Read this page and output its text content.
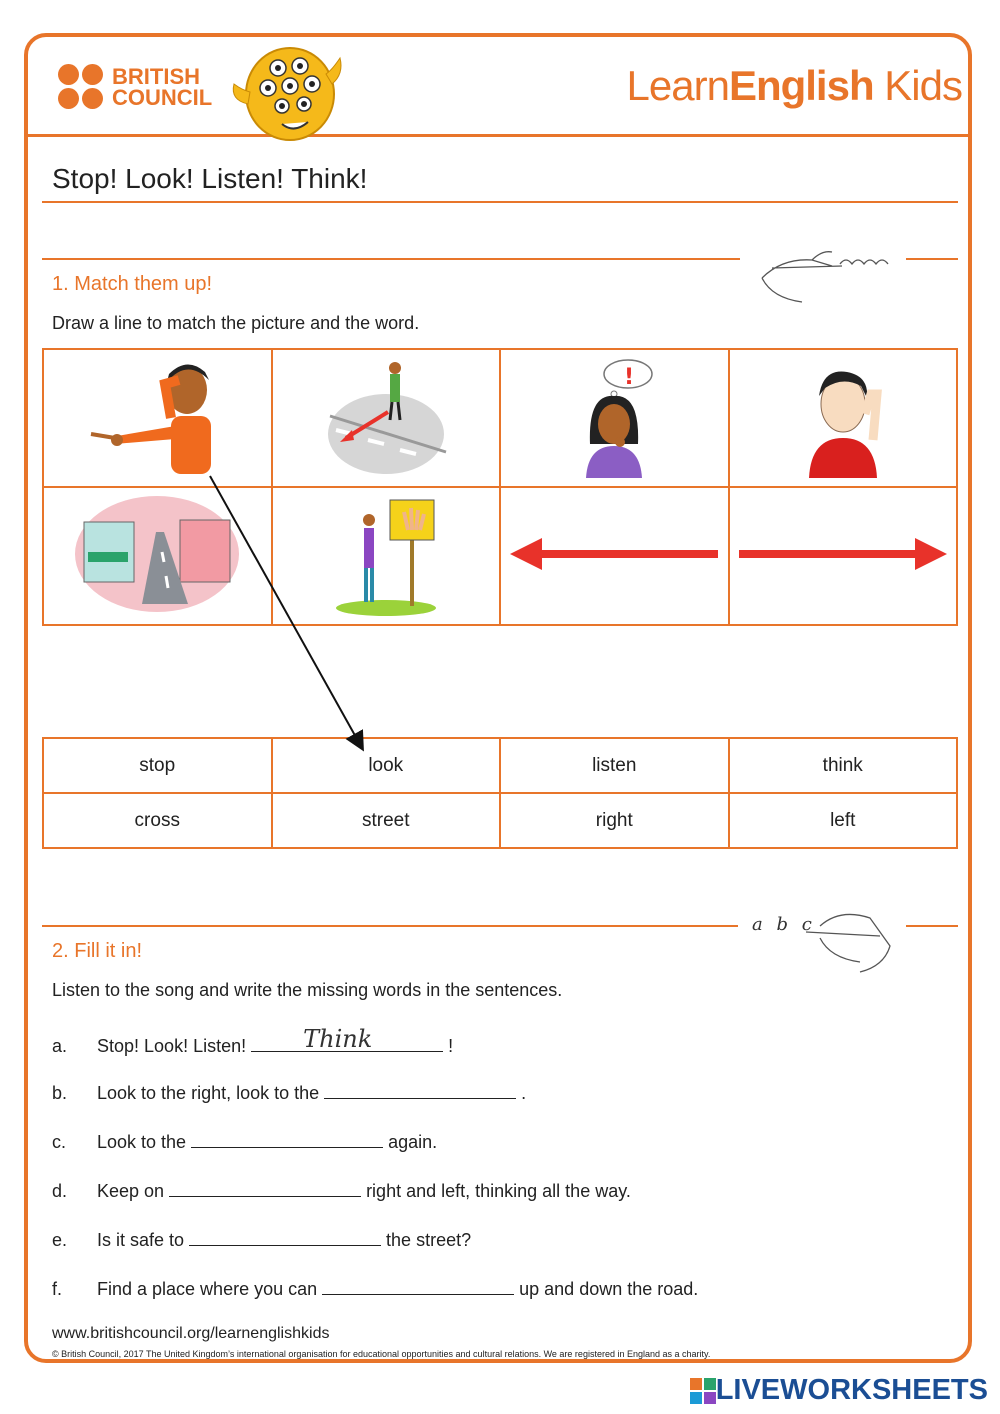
BRITISH
COUNCIL	LearnEnglish Kids
Stop! Look! Listen! Think!
1. Match them up!
Draw a line to match the picture and the word.

!

stop	look	listen	think
cross	street	right	left
a b c
2. Fill it in!
Listen to the song and write the missing words in the sentences.
a.	Stop! Look! Listen! Think	!
b.	Look to the right, look to the	.
c.	Look to the	again.
d.	Keep on	right and left, thinking all the way.
e.	Is it safe to	the street?
f.	Find a place where you can	up and down the road.
www.britishcouncil.org/learnenglishkids
© British Council, 2017 The United Kingdom’s international organisation for educational opportunities and cultural relations. We are registered in England as a charity.
LIVEWORKSHEETS
